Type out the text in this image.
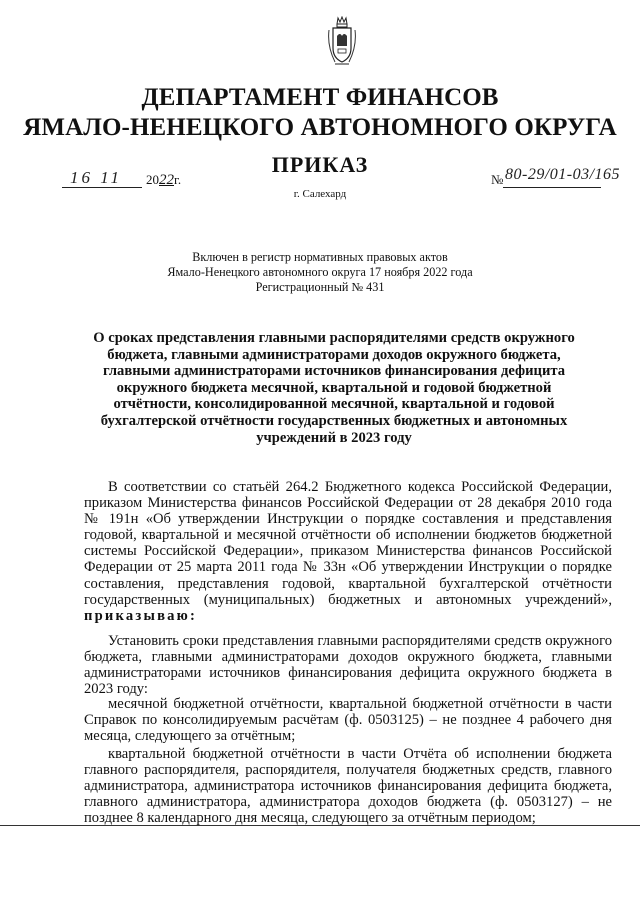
ДЕПАРТАМЕНТ ФИНАНСОВ
ЯМАЛО-НЕНЕЦКОГО АВТОНОМНОГО ОКРУГА
ПРИКАЗ
16 11 2022г.	№ 80-29/01-03/165
г. Салехард
Включен в регистр нормативных правовых актов
Ямало-Ненецкого автономного округа 17 ноября 2022 года
Регистрационный № 431
О сроках представления главными распорядителями средств окружного бюджета, главными администраторами доходов окружного бюджета, главными администраторами источников финансирования дефицита окружного бюджета месячной, квартальной и годовой бюджетной отчётности, консолидированной месячной, квартальной и годовой бухгалтерской отчётности государственных бюджетных и автономных учреждений в 2023 году
В соответствии со статьёй 264.2 Бюджетного кодекса Российской Федерации, приказом Министерства финансов Российской Федерации от 28 декабря 2010 года № 191н «Об утверждении Инструкции о порядке составления и представления годовой, квартальной и месячной отчётности об исполнении бюджетов бюджетной системы Российской Федерации», приказом Министерства финансов Российской Федерации от 25 марта 2011 года № 33н «Об утверждении Инструкции о порядке составления, представления годовой, квартальной бухгалтерской отчётности государственных (муниципальных) бюджетных и автономных учреждений», приказываю:
Установить сроки представления главными распорядителями средств окружного бюджета, главными администраторами доходов окружного бюджета, главными администраторами источников финансирования дефицита окружного бюджета в 2023 году:
месячной бюджетной отчётности, квартальной бюджетной отчётности в части Справок по консолидируемым расчётам (ф. 0503125) – не позднее 4 рабочего дня месяца, следующего за отчётным;
квартальной бюджетной отчётности в части Отчёта об исполнении бюджета главного распорядителя, распорядителя, получателя бюджетных средств, главного администратора, администратора источников финансирования дефицита бюджета, главного администратора, администратора доходов бюджета (ф. 0503127) – не позднее 8 календарного дня месяца, следующего за отчётным периодом;
